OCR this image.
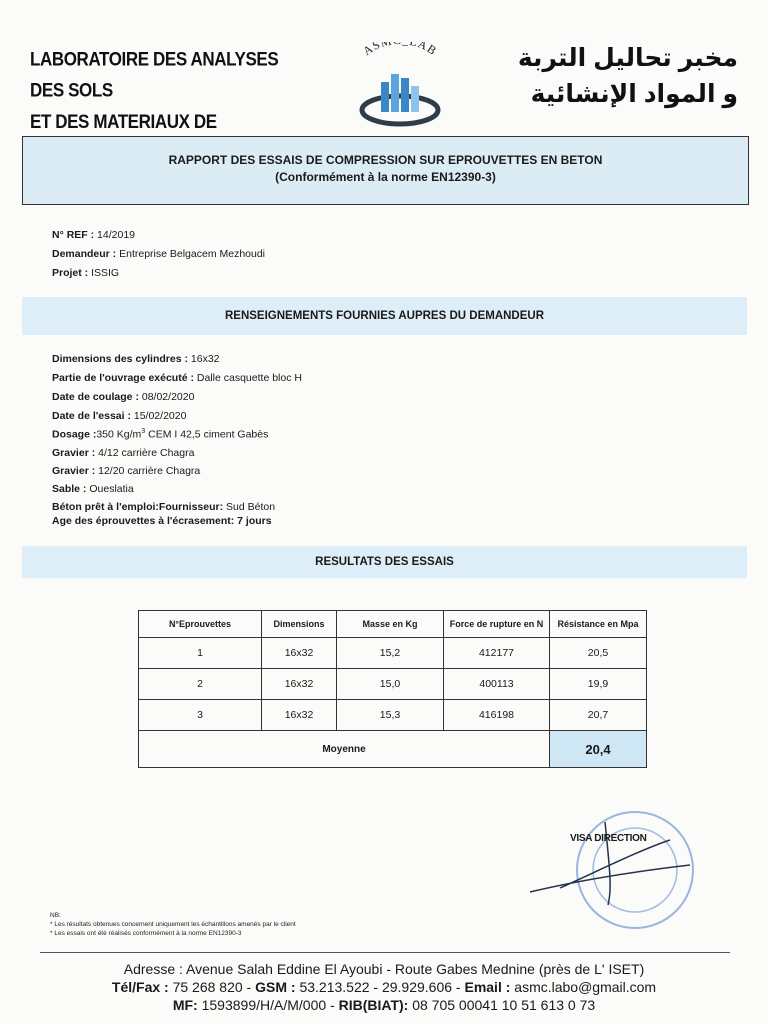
LABORATOIRE DES ANALYSES DES SOLS
ET DES MATERIAUX DE
AS AB	مخبر تحاليل التربة
و المواد الإنشائية
RAPPORT DES ESSAIS DE COMPRESSION SUR EPROUVETTES EN BETON
(Conformément à la norme EN12390-3)
N° REF : 14/2019
Demandeur : Entreprise Belgacem Mezhoudi
Projet : ISSIG
RENSEIGNEMENTS FOURNIES AUPRES DU DEMANDEUR
Dimensions des cylindres : 16x32
Partie de l'ouvrage exécuté : Dalle casquette bloc H
Date de coulage : 08/02/2020
Date de l'essai : 15/02/2020
Dosage :350 $Kg/m^3$ CEM I 42,5 ciment Gabès
Gravier : 4/12 carrière Chagra
Gravier : 12/20 carrière Chagra
Sable : Oueslatia
Béton prêt à l'emploi:Fournisseur: Sud Béton
Age des éprouvettes à l'écrasement: 7 jours
RESULTATS DES ESSAIS
N°Eprouvettes	Dimensions	Masse en Kg	Force de rupture en N	Résistance en Mpa
1	16x32	15,2	412177	20,5
2	16x32	15,0	400113	19,9
3	16x32	15,3	416198	20,7
Moyenne				20,4
VISA DIRECTION
NB:
* Les résultats obtenues concernent uniquement les échantillons amenés par le client
* Les essais ont été réalisés conformément à la norme EN12390-3
Adresse : Avenue Salah Eddine El Ayoubi - Route Gabes Mednine (près de L' ISET)
Tél/Fax : 75 268 820 - GSM : 53.213.522 - 29.929.606 - Email : asmc.labo@gmail.com
MF: 1593899/H/A/M/000 - RIB(BIAT): 08 705 00041 10 51 613 0 73
